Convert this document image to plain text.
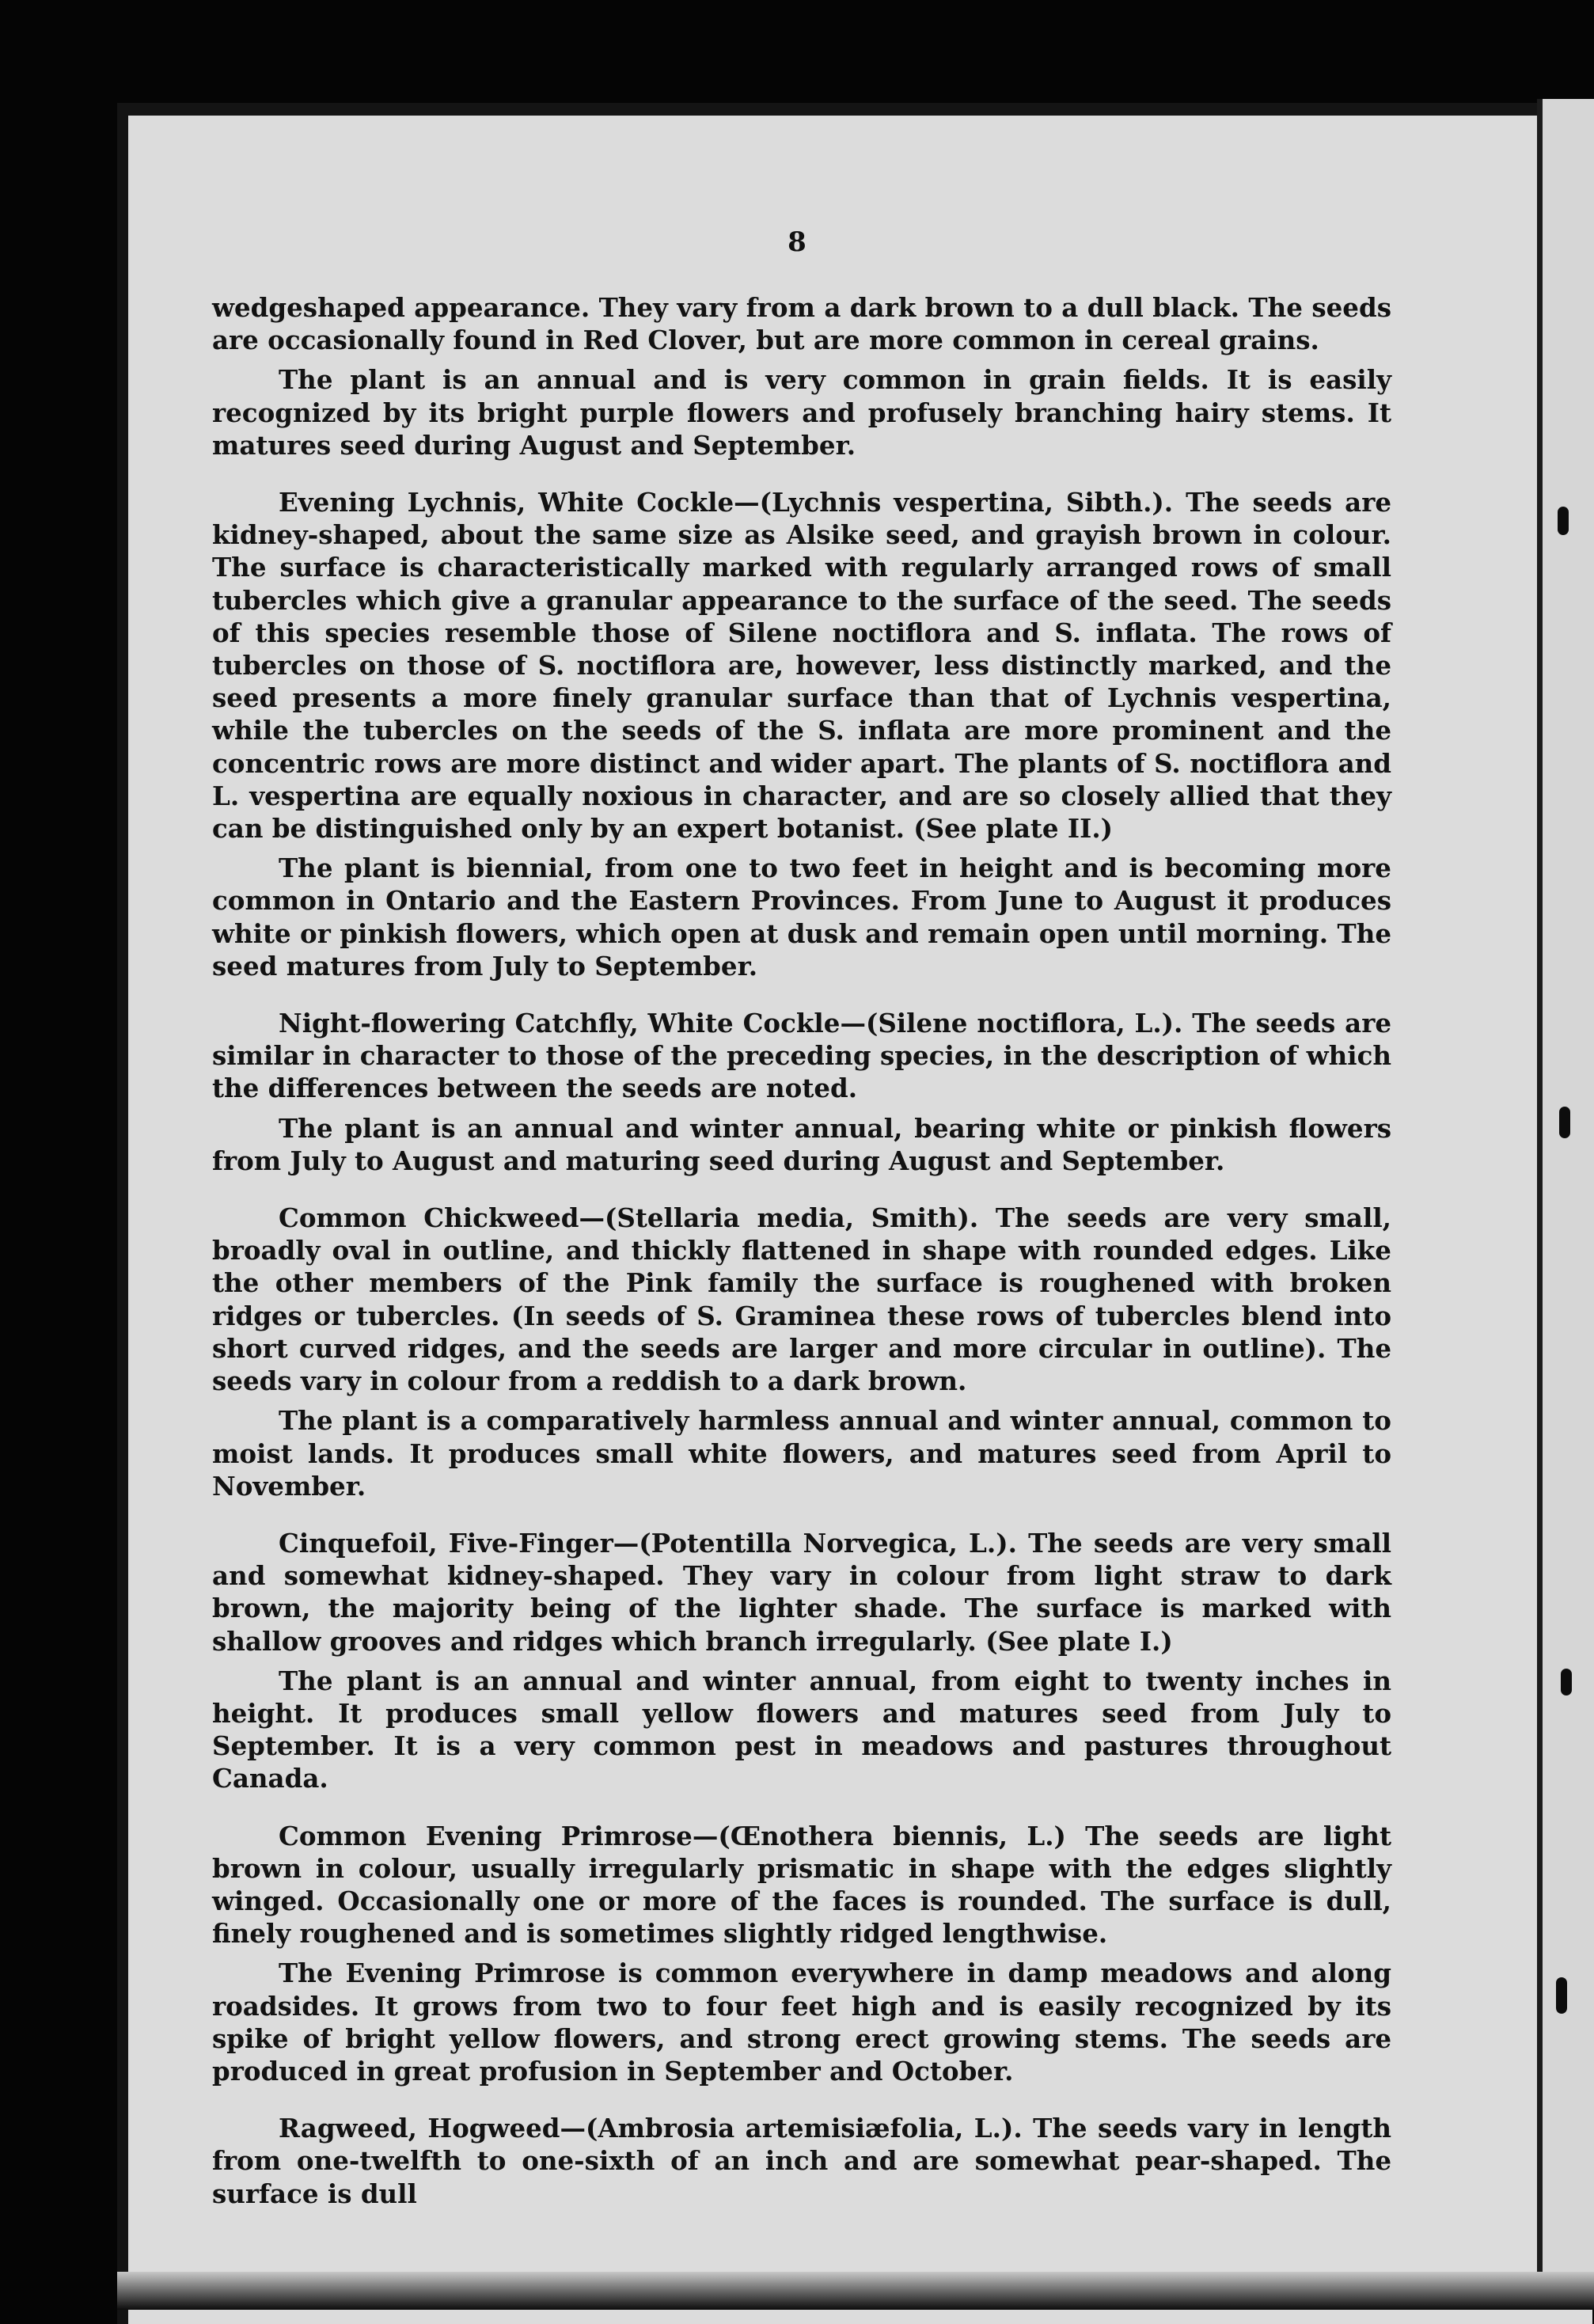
8

wedgeshaped appearance. They vary from a dark brown to a dull black. The seeds are occasionally found in Red Clover, but are more common in cereal grains.

The plant is an annual and is very common in grain fields. It is easily recognized by its bright purple flowers and profusely branching hairy stems. It matures seed during August and September.

Evening Lychnis, White Cockle—(Lychnis vespertina, Sibth.). The seeds are kidney-shaped, about the same size as Alsike seed, and grayish brown in colour. The surface is characteristically marked with regularly arranged rows of small tubercles which give a granular appearance to the surface of the seed. The seeds of this species resemble those of Silene noctiflora and S. inflata. The rows of tubercles on those of S. noctiflora are, however, less distinctly marked, and the seed presents a more finely granular surface than that of Lychnis vespertina, while the tubercles on the seeds of the S. inflata are more prominent and the concentric rows are more distinct and wider apart. The plants of S. noctiflora and L. vespertina are equally noxious in character, and are so closely allied that they can be distinguished only by an expert botanist. (See plate II.)

The plant is biennial, from one to two feet in height and is becoming more common in Ontario and the Eastern Provinces. From June to August it produces white or pinkish flowers, which open at dusk and remain open until morning. The seed matures from July to September.

Night-flowering Catchfly, White Cockle—(Silene noctiflora, L.). The seeds are similar in character to those of the preceding species, in the description of which the differences between the seeds are noted.

The plant is an annual and winter annual, bearing white or pinkish flowers from July to August and maturing seed during August and September.

Common Chickweed—(Stellaria media, Smith). The seeds are very small, broadly oval in outline, and thickly flattened in shape with rounded edges. Like the other members of the Pink family the surface is roughened with broken ridges or tubercles. (In seeds of S. Graminea these rows of tubercles blend into short curved ridges, and the seeds are larger and more circular in outline). The seeds vary in colour from a reddish to a dark brown.

The plant is a comparatively harmless annual and winter annual, common to moist lands. It produces small white flowers, and matures seed from April to November.

Cinquefoil, Five-Finger—(Potentilla Norvegica, L.). The seeds are very small and somewhat kidney-shaped. They vary in colour from light straw to dark brown, the majority being of the lighter shade. The surface is marked with shallow grooves and ridges which branch irregularly. (See plate I.)

The plant is an annual and winter annual, from eight to twenty inches in height. It produces small yellow flowers and matures seed from July to September. It is a very common pest in meadows and pastures throughout Canada.

Common Evening Primrose—(Œnothera biennis, L.) The seeds are light brown in colour, usually irregularly prismatic in shape with the edges slightly winged. Occasionally one or more of the faces is rounded. The surface is dull, finely roughened and is sometimes slightly ridged lengthwise.

The Evening Primrose is common everywhere in damp meadows and along roadsides. It grows from two to four feet high and is easily recognized by its spike of bright yellow flowers, and strong erect growing stems. The seeds are produced in great profusion in September and October.

Ragweed, Hogweed—(Ambrosia artemisiæfolia, L.). The seeds vary in length from one-twelfth to one-sixth of an inch and are somewhat pear-shaped. The surface is dull
